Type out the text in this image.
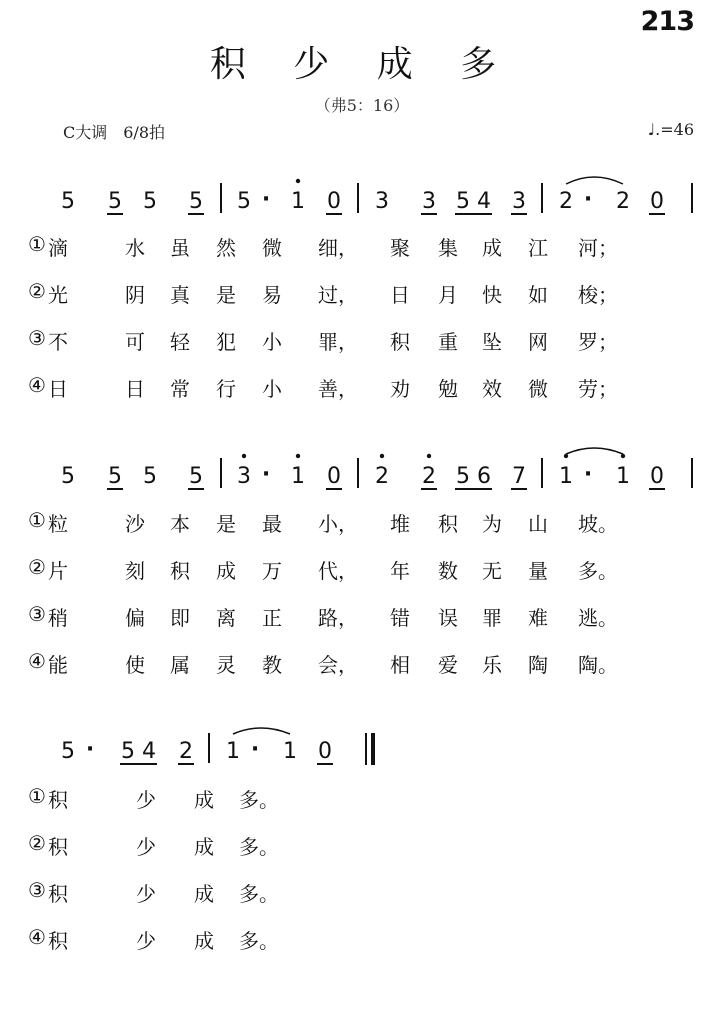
213
积 少 成 多
（弗5：16）
C大调　6/8拍	♩.=46
5 5 5 5 5 · 1 0 3 3 5 4 3 2 · 2 0
5 5 5 5 3 · 1 0 2 2 5 6 7 1 · 1 0
5 · 5 4 2 1 · 1 0
① 滴	水 虽 然 微 细， 聚 集 成 江 河；
② 光	阴 真 是 易 过， 日 月 快 如 梭；
③ 不	可 轻 犯 小 罪， 积 重 坠 网 罗；
④ 日	日 常 行 小 善， 劝 勉 效 微 劳；
① 粒	沙 本 是 最 小， 堆 积 为 山 坡。
② 片	刻 积 成 万 代， 年 数 无 量 多。
③ 稍	偏 即 离 正 路， 错 误 罪 难 逃。
④ 能	使 属 灵 教 会， 相 爱 乐 陶 陶。
① 积	少 成 多。
② 积	少 成 多。
③ 积	少 成 多。
④ 积	少 成 多。
